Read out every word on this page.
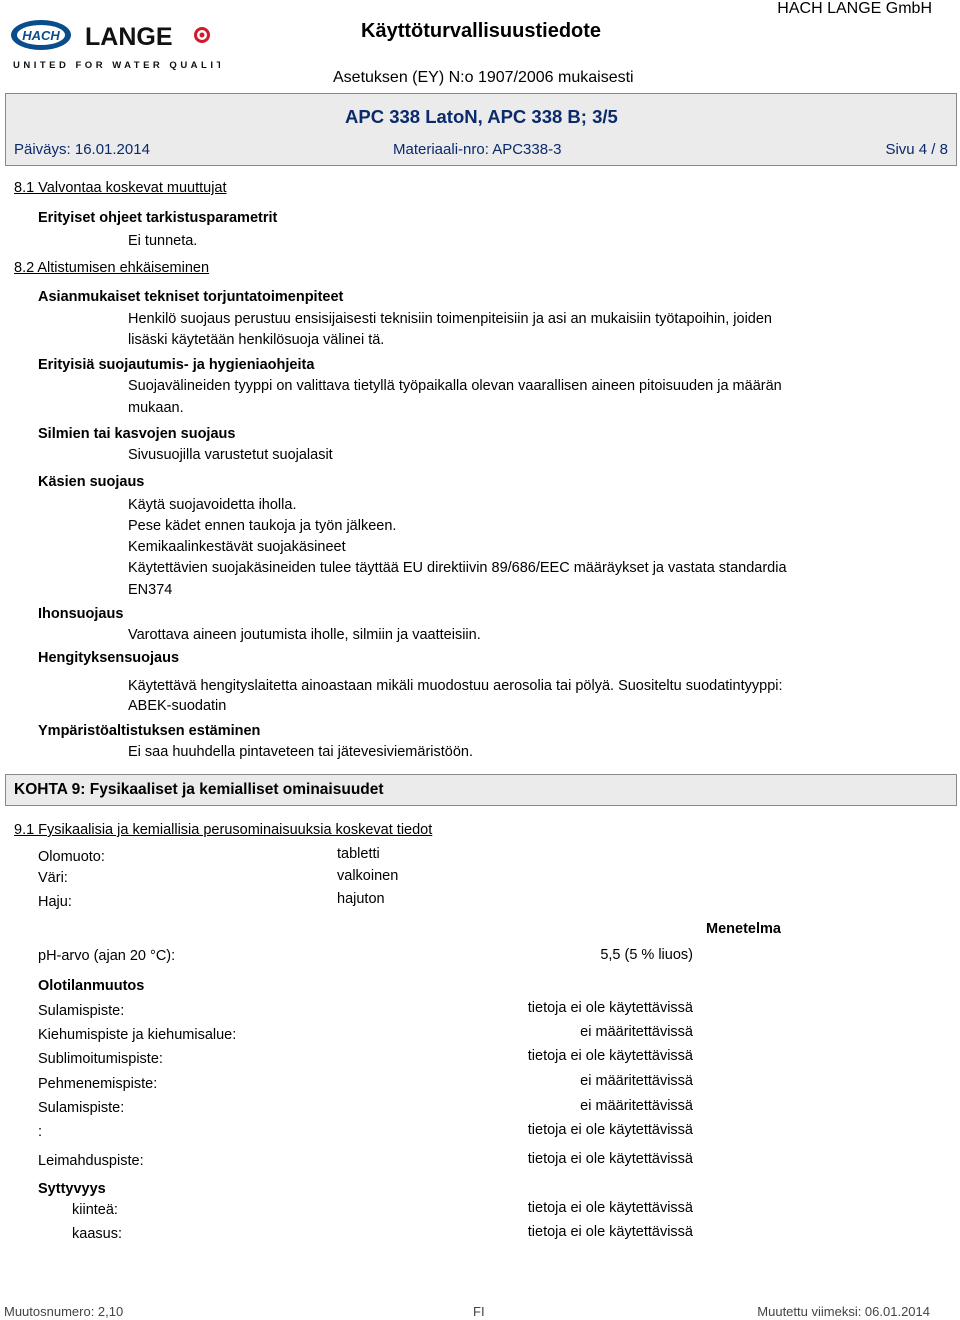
HACH LANGE
UNITED FOR WATER QUALITY
Käyttöturvallisuustiedote
HACH LANGE GmbH
Asetuksen (EY) N:o 1907/2006 mukaisesti
APC 338 LatoN, APC 338 B; 3/5
Päiväys: 16.01.2014	Materiaali-nro: APC338-3	Sivu 4 / 8
8.1 Valvontaa koskevat muuttujat
Erityiset ohjeet tarkistusparametrit
Ei tunneta.
8.2 Altistumisen ehkäiseminen
Asianmukaiset tekniset torjuntatoimenpiteet
Henkilö suojaus perustuu ensisijaisesti teknisiin toimenpiteisiin ja asi an mukaisiin työtapoihin, joiden
lisäski käytetään henkilösuoja välinei tä.
Erityisiä suojautumis- ja hygieniaohjeita
Suojavälineiden tyyppi on valittava tietyllä työpaikalla olevan vaarallisen aineen pitoisuuden ja määrän
mukaan.
Silmien tai kasvojen suojaus
Sivusuojilla varustetut suojalasit
Käsien suojaus
Käytä suojavoidetta iholla.
Pese kädet ennen taukoja ja työn jälkeen.
Kemikaalinkestävät suojakäsineet
Käytettävien suojakäsineiden tulee täyttää EU direktiivin 89/686/EEC määräykset ja vastata standardia
EN374
Ihonsuojaus
Varottava aineen joutumista iholle, silmiin ja vaatteisiin.
Hengityksensuojaus
Käytettävä hengityslaitetta ainoastaan mikäli muodostuu aerosolia tai pölyä. Suositeltu suodatintyyppi:
ABEK-suodatin
Ympäristöaltistuksen estäminen
Ei saa huuhdella pintaveteen tai jätevesiviemäristöön.
KOHTA 9: Fysikaaliset ja kemialliset ominaisuudet
9.1 Fysikaalisia ja kemiallisia perusominaisuuksia koskevat tiedot
Olomuoto:	tabletti
Väri:	valkoinen
Haju:	hajuton
Menetelma
pH-arvo (ajan 20 °C):	5,5 (5 % liuos)
Olotilanmuutos
Sulamispiste:	tietoja ei ole käytettävissä
Kiehumispiste ja kiehumisalue:	ei määritettävissä
Sublimoitumispiste:	tietoja ei ole käytettävissä
Pehmenemispiste:	ei määritettävissä
Sulamispiste:	ei määritettävissä
:	tietoja ei ole käytettävissä
Leimahduspiste:	tietoja ei ole käytettävissä
Syttyvyys
kiinteä:	tietoja ei ole käytettävissä
kaasus:	tietoja ei ole käytettävissä
Muutosnumero: 2,10	FI	Muutettu viimeksi: 06.01.2014
